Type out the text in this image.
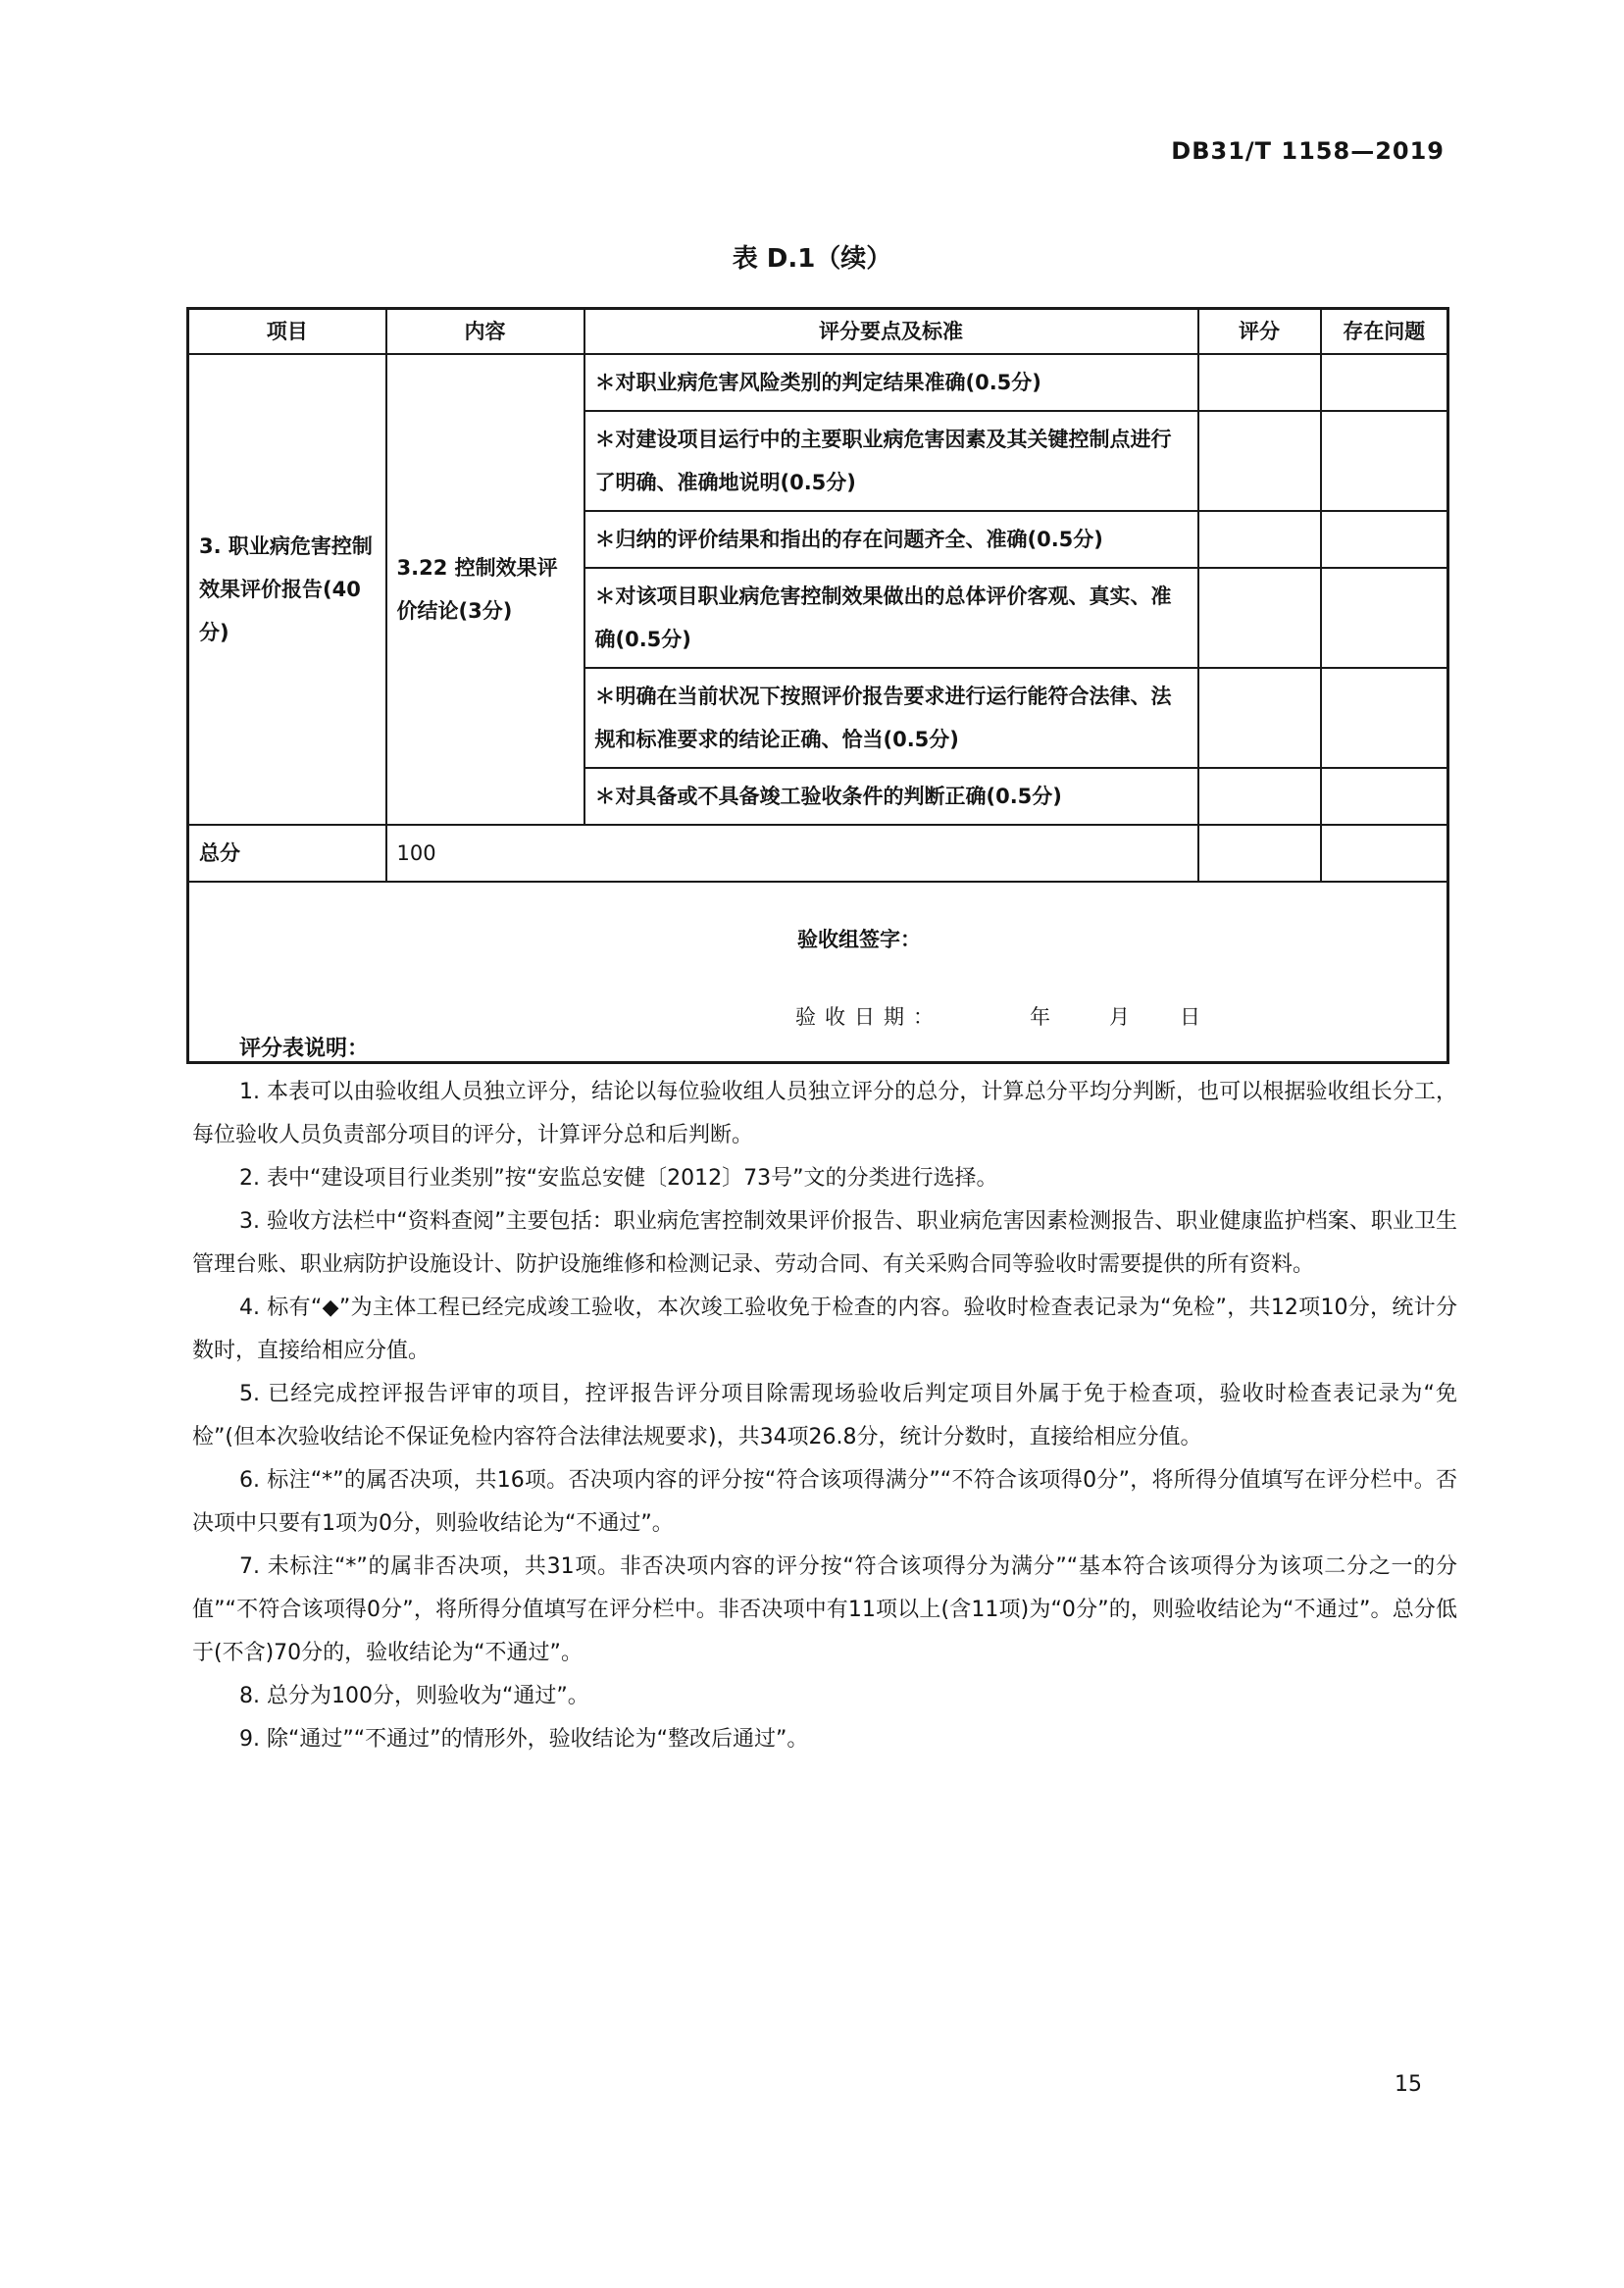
DB31/T 1158—2019
表 D.1（续）
项目	内容	评分要点及标准	评分	存在问题
3. 职业病危害控制效果评价报告(40分)	3.22 控制效果评价结论(3分)	＊对职业病危害风险类别的判定结果准确(0.5分)		
		＊对建设项目运行中的主要职业病危害因素及其关键控制点进行了明确、准确地说明(0.5分)		
		＊归纳的评价结果和指出的存在问题齐全、准确(0.5分)		
		＊对该项目职业病危害控制效果做出的总体评价客观、真实、准确(0.5分)		
		＊明确在当前状况下按照评价报告要求进行运行能符合法律、法规和标准要求的结论正确、恰当(0.5分)		
		＊对具备或不具备竣工验收条件的判断正确(0.5分)		
总分	100			

验收组签字：
验收日期： 年 月 日				
评分表说明：

1. 本表可以由验收组人员独立评分，结论以每位验收组人员独立评分的总分，计算总分平均分判断，也可以根据验收组长分工，每位验收人员负责部分项目的评分，计算评分总和后判断。

2. 表中“建设项目行业类别”按“安监总安健〔2012〕73号”文的分类进行选择。

3. 验收方法栏中“资料查阅”主要包括：职业病危害控制效果评价报告、职业病危害因素检测报告、职业健康监护档案、职业卫生管理台账、职业病防护设施设计、防护设施维修和检测记录、劳动合同、有关采购合同等验收时需要提供的所有资料。

4. 标有“◆”为主体工程已经完成竣工验收，本次竣工验收免于检查的内容。验收时检查表记录为“免检”，共12项10分，统计分数时，直接给相应分值。

5. 已经完成控评报告评审的项目，控评报告评分项目除需现场验收后判定项目外属于免于检查项，验收时检查表记录为“免检”(但本次验收结论不保证免检内容符合法律法规要求)，共34项26.8分，统计分数时，直接给相应分值。

6. 标注“*”的属否决项，共16项。否决项内容的评分按“符合该项得满分”“不符合该项得0分”，将所得分值填写在评分栏中。否决项中只要有1项为0分，则验收结论为“不通过”。

7. 未标注“*”的属非否决项，共31项。非否决项内容的评分按“符合该项得分为满分”“基本符合该项得分为该项二分之一的分值”“不符合该项得0分”，将所得分值填写在评分栏中。非否决项中有11项以上(含11项)为“0分”的，则验收结论为“不通过”。总分低于(不含)70分的，验收结论为“不通过”。

8. 总分为100分，则验收为“通过”。

9. 除“通过”“不通过”的情形外，验收结论为“整改后通过”。

15
